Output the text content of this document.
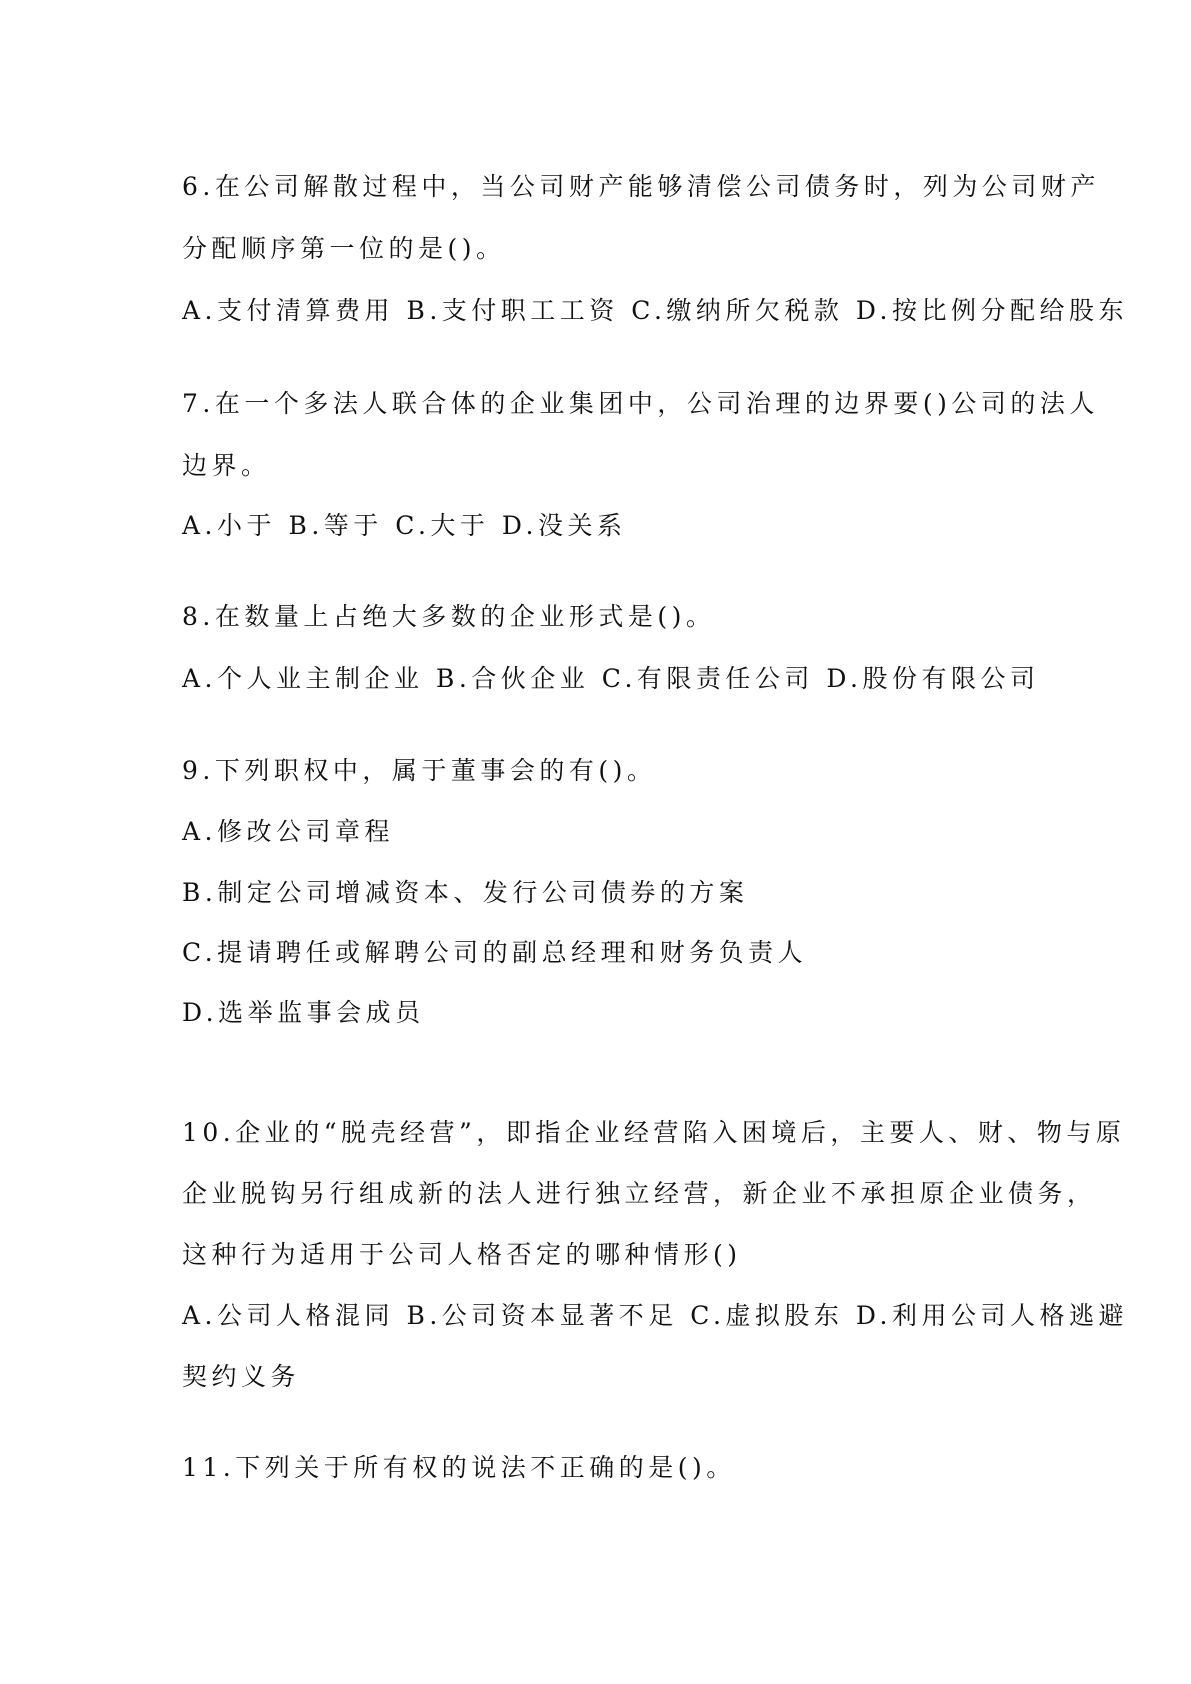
6.在公司解散过程中，当公司财产能够清偿公司债务时，列为公司财产
分配顺序第一位的是()。
A.支付清算费用 B.支付职工工资 C.缴纳所欠税款 D.按比例分配给股东
7.在一个多法人联合体的企业集团中，公司治理的边界要()公司的法人
边界。
A.小于 B.等于 C.大于 D.没关系
8.在数量上占绝大多数的企业形式是()。
A.个人业主制企业 B.合伙企业 C.有限责任公司 D.股份有限公司
9.下列职权中，属于董事会的有()。
A.修改公司章程
B.制定公司增减资本、发行公司债券的方案
C.提请聘任或解聘公司的副总经理和财务负责人
D.选举监事会成员
10.企业的“脱壳经营”，即指企业经营陷入困境后，主要人、财、物与原
企业脱钩另行组成新的法人进行独立经营，新企业不承担原企业债务，
这种行为适用于公司人格否定的哪种情形()
A.公司人格混同 B.公司资本显著不足 C.虚拟股东 D.利用公司人格逃避
契约义务
11.下列关于所有权的说法不正确的是()。
